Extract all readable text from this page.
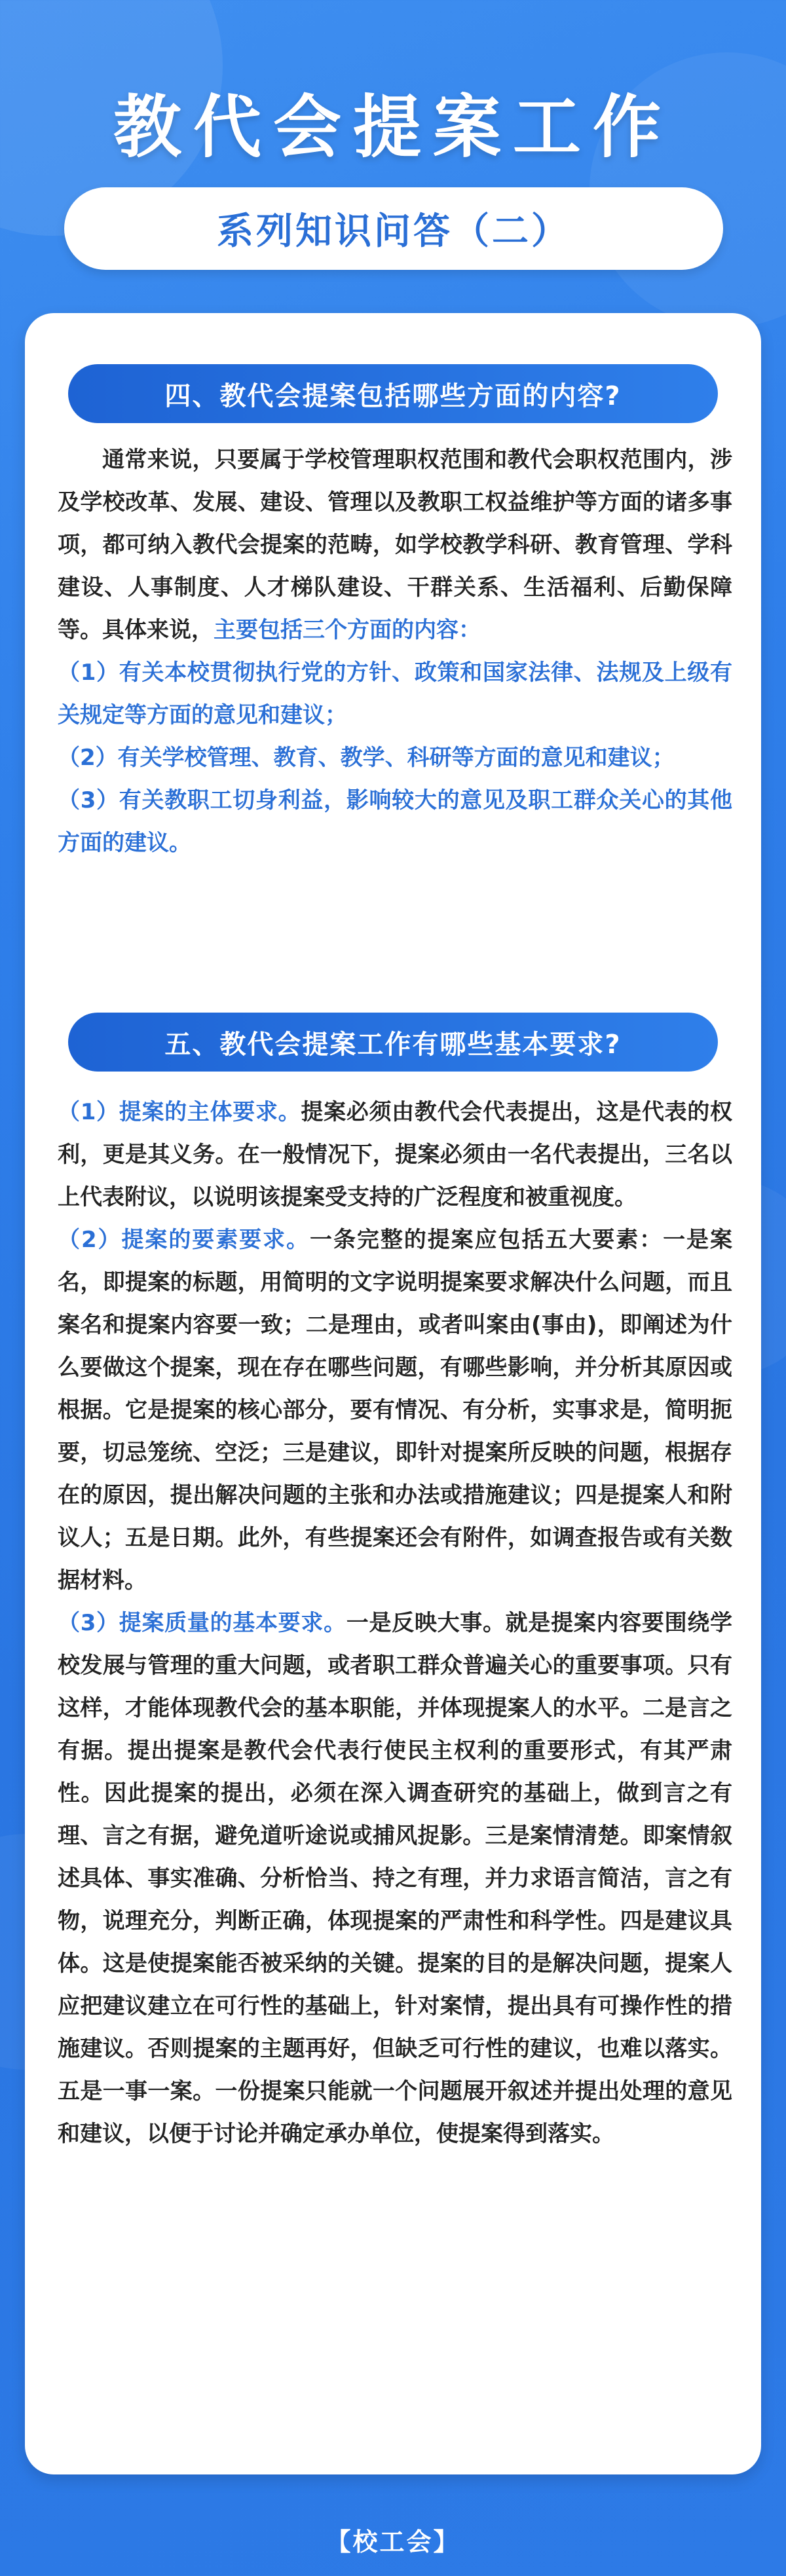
教代会提案工作
系列知识问答（二）
四、教代会提案包括哪些方面的内容?

通常来说，只要属于学校管理职权范围和教代会职权范围内，涉及学校改革、发展、建设、管理以及教职工权益维护等方面的诸多事项，都可纳入教代会提案的范畴，如学校教学科研、教育管理、学科建设、人事制度、人才梯队建设、干群关系、生活福利、后勤保障等。具体来说，主要包括三个方面的内容：

（1）有关本校贯彻执行党的方针、政策和国家法律、法规及上级有关规定等方面的意见和建议；

（2）有关学校管理、教育、教学、科研等方面的意见和建议；

（3）有关教职工切身利益，影响较大的意见及职工群众关心的其他方面的建议。

五、教代会提案工作有哪些基本要求?

（1）提案的主体要求。提案必须由教代会代表提出，这是代表的权利，更是其义务。在一般情况下，提案必须由一名代表提出，三名以上代表附议，以说明该提案受支持的广泛程度和被重视度。

（2）提案的要素要求。一条完整的提案应包括五大要素：一是案名，即提案的标题，用简明的文字说明提案要求解决什么问题，而且案名和提案内容要一致；二是理由，或者叫案由(事由)，即阐述为什么要做这个提案，现在存在哪些问题，有哪些影响，并分析其原因或根据。它是提案的核心部分，要有情况、有分析，实事求是，简明扼要，切忌笼统、空泛；三是建议，即针对提案所反映的问题，根据存在的原因，提出解决问题的主张和办法或措施建议；四是提案人和附议人；五是日期。此外，有些提案还会有附件，如调查报告或有关数据材料。

（3）提案质量的基本要求。一是反映大事。就是提案内容要围绕学校发展与管理的重大问题，或者职工群众普遍关心的重要事项。只有这样，才能体现教代会的基本职能，并体现提案人的水平。二是言之有据。提出提案是教代会代表行使民主权利的重要形式，有其严肃性。因此提案的提出，必须在深入调查研究的基础上，做到言之有理、言之有据，避免道听途说或捕风捉影。三是案情清楚。即案情叙述具体、事实准确、分析恰当、持之有理，并力求语言简洁，言之有物，说理充分，判断正确，体现提案的严肃性和科学性。四是建议具体。这是使提案能否被采纳的关键。提案的目的是解决问题，提案人应把建议建立在可行性的基础上，针对案情，提出具有可操作性的措施建议。否则提案的主题再好，但缺乏可行性的建议，也难以落实。五是一事一案。一份提案只能就一个问题展开叙述并提出处理的意见和建议，以便于讨论并确定承办单位，使提案得到落实。

【校工会】
